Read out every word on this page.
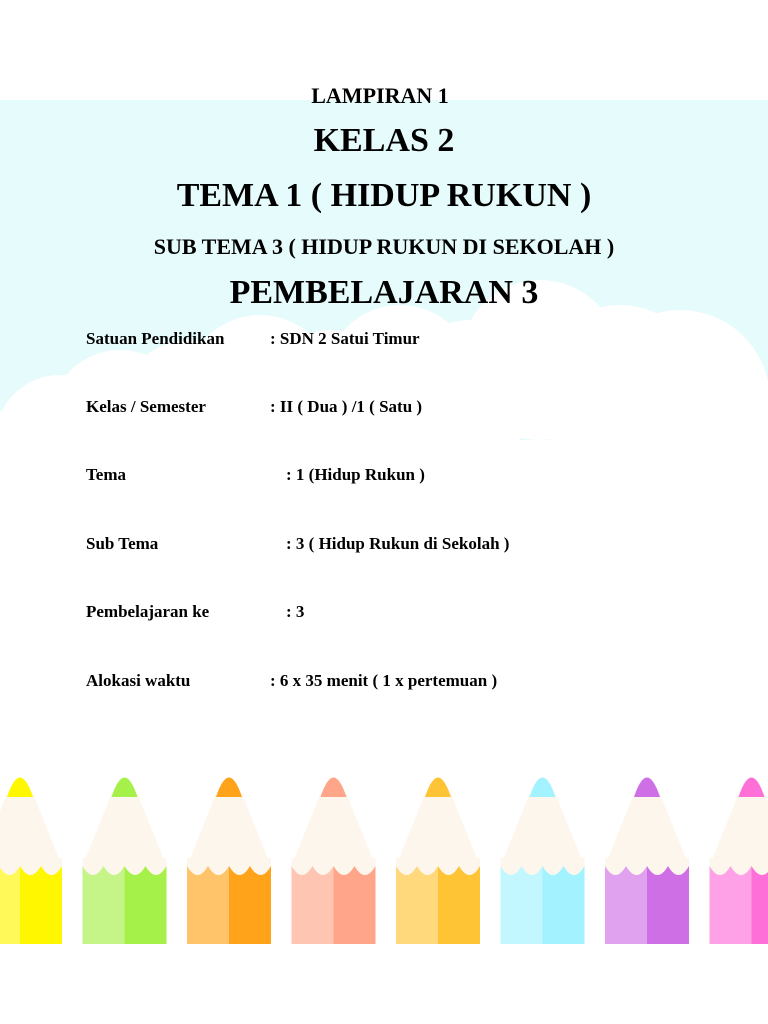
LAMPIRAN 1
KELAS 2
TEMA 1 ( HIDUP RUKUN )
SUB TEMA 3 ( HIDUP RUKUN DI SEKOLAH )
PEMBELAJARAN 3
Satuan Pendidikan	: SDN 2 Satui Timur
Kelas / Semester	: II ( Dua ) /1 ( Satu )
Tema	: 1 (Hidup Rukun )
Sub Tema	: 3 ( Hidup Rukun di Sekolah )
Pembelajaran ke	: 3
Alokasi waktu	: 6 x 35 menit ( 1 x pertemuan )
